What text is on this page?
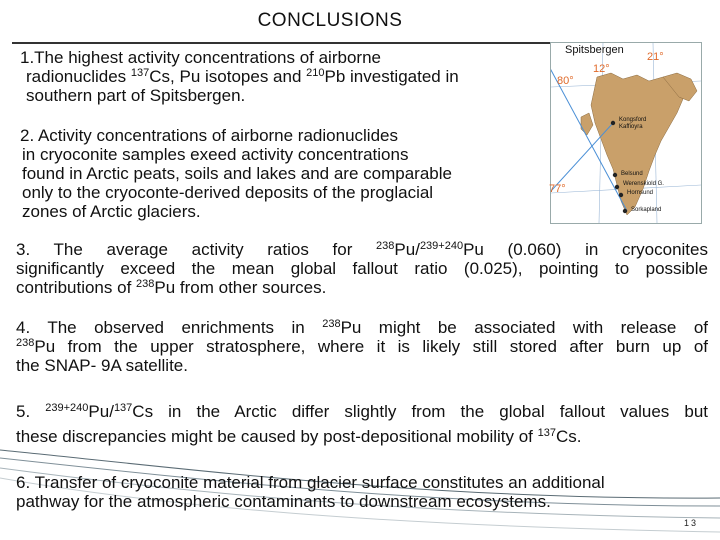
CONCLUSIONS
1.The highest activity concentrations of airborne
radionuclides $^{137}$Cs, Pu isotopes and $^{210}$Pb investigated in
southern part of Spitsbergen.
2. Activity concentrations of airborne radionuclides
in cryoconite samples exeed activity concentrations
found in Arctic peats, soils and lakes and are comparable
only to the cryoconte-derived deposits of the proglacial
zones of Arctic glaciers.
3. The average activity ratios for $^{238}$Pu/$^{239+240}$Pu (0.060) in cryoconites
significantly exceed the mean global fallout ratio (0.025), pointing to possible
contributions of $^{238}$Pu from other sources.
4. The observed enrichments in $^{238}$Pu might be associated with release of
$^{238}$Pu from the upper stratosphere, where it is likely still stored after burn up of
the SNAP- 9A satellite.
5. $^{239+240}$Pu/$^{137}$Cs in the Arctic differ slightly from the global fallout values but
these discrepancies might be caused by post-depositional mobility of $^{137}$Cs.
6. Transfer of cryoconite material from glacier surface constitutes an additional
pathway for the atmospheric contaminants to downstream ecosystems.
13
Spitsbergen
21°
12°
80°
77°
Kongsford
Kaffioyra
Belsund
Werenskiold G.
Hornsund
Sorkapland
